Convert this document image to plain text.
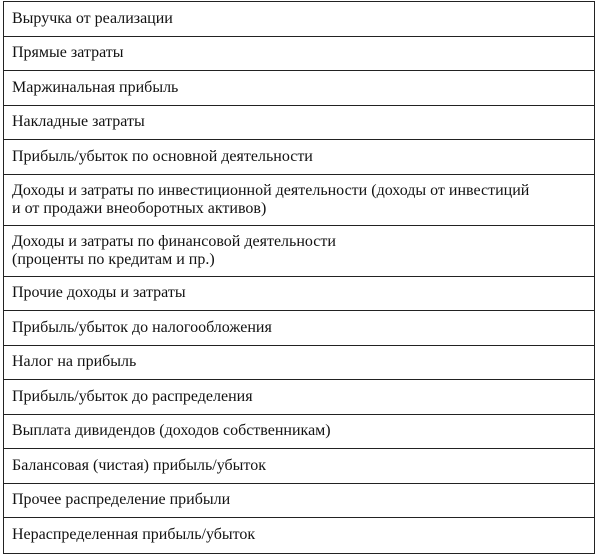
Выручка от реализации
Прямые затраты
Маржинальная прибыль
Накладные затраты
Прибыль/убыток по основной деятельности
Доходы и затраты по инвестиционной деятельности (доходы от инвестиций
и от продажи внеоборотных активов)
Доходы и затраты по финансовой деятельности
(проценты по кредитам и пр.)
Прочие доходы и затраты
Прибыль/убыток до налогообложения
Налог на прибыль
Прибыль/убыток до распределения
Выплата дивидендов (доходов собственникам)
Балансовая (чистая) прибыль/убыток
Прочее распределение прибыли
Нераспределенная прибыль/убыток
